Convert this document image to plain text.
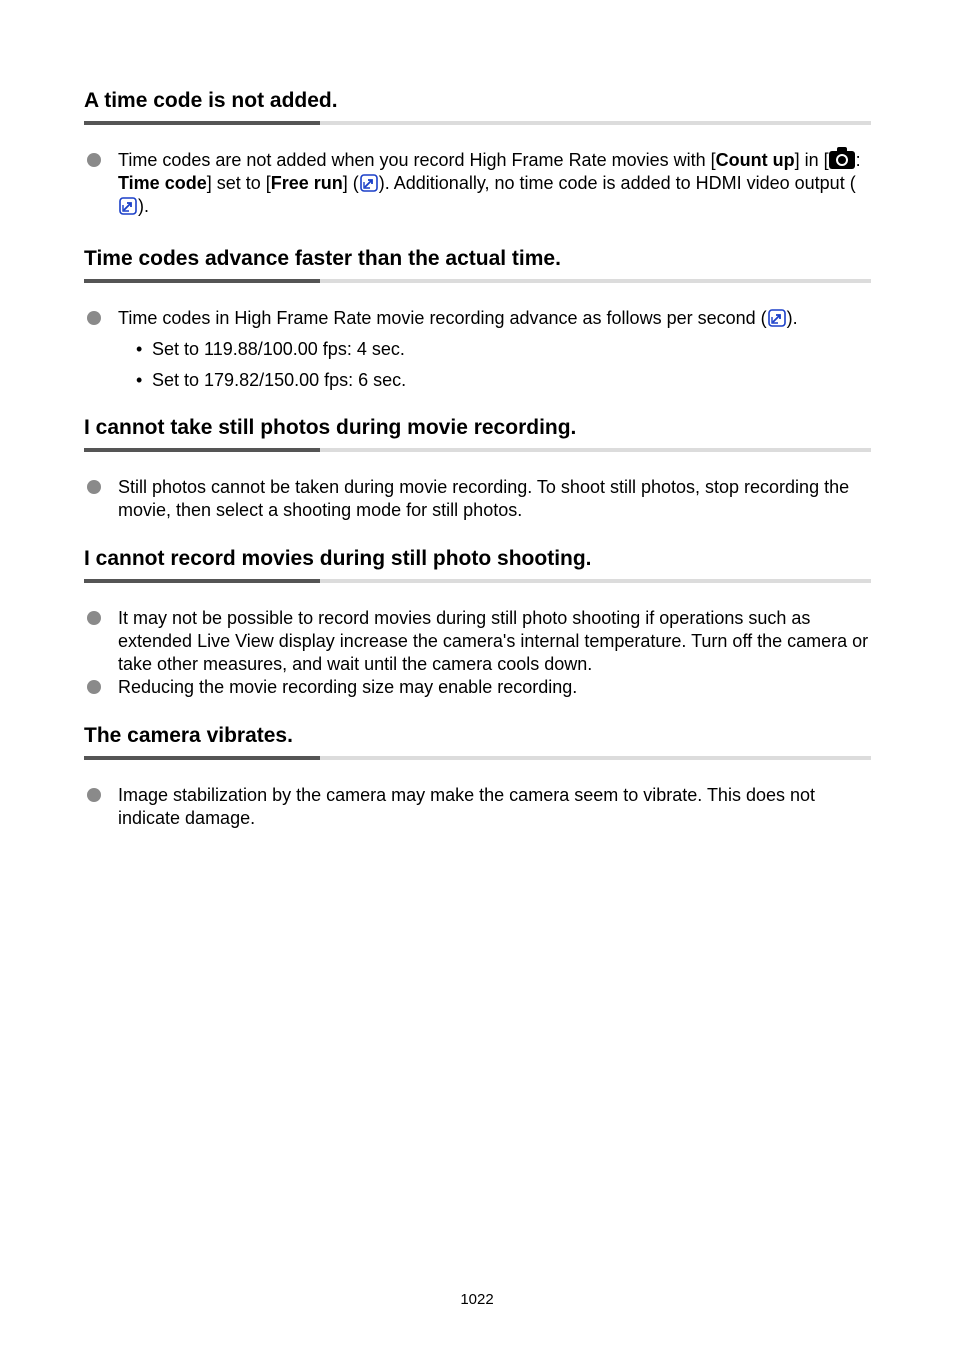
A time code is not added.
Time codes are not added when you record High Frame Rate movies with [Count up] in [ : Time code] set to [Free run] ( ). Additionally, no time code is added to HDMI video output ().
Time codes advance faster than the actual time.
Time codes in High Frame Rate movie recording advance as follows per second ( ).
• Set to 119.88/100.00 fps: 4 sec.
• Set to 179.82/150.00 fps: 6 sec.
I cannot take still photos during movie recording.
Still photos cannot be taken during movie recording. To shoot still photos, stop recording the movie, then select a shooting mode for still photos.
I cannot record movies during still photo shooting.
It may not be possible to record movies during still photo shooting if operations such as extended Live View display increase the camera's internal temperature. Turn off the camera or take other measures, and wait until the camera cools down.
Reducing the movie recording size may enable recording.
The camera vibrates.
Image stabilization by the camera may make the camera seem to vibrate. This does not indicate damage.
1022
